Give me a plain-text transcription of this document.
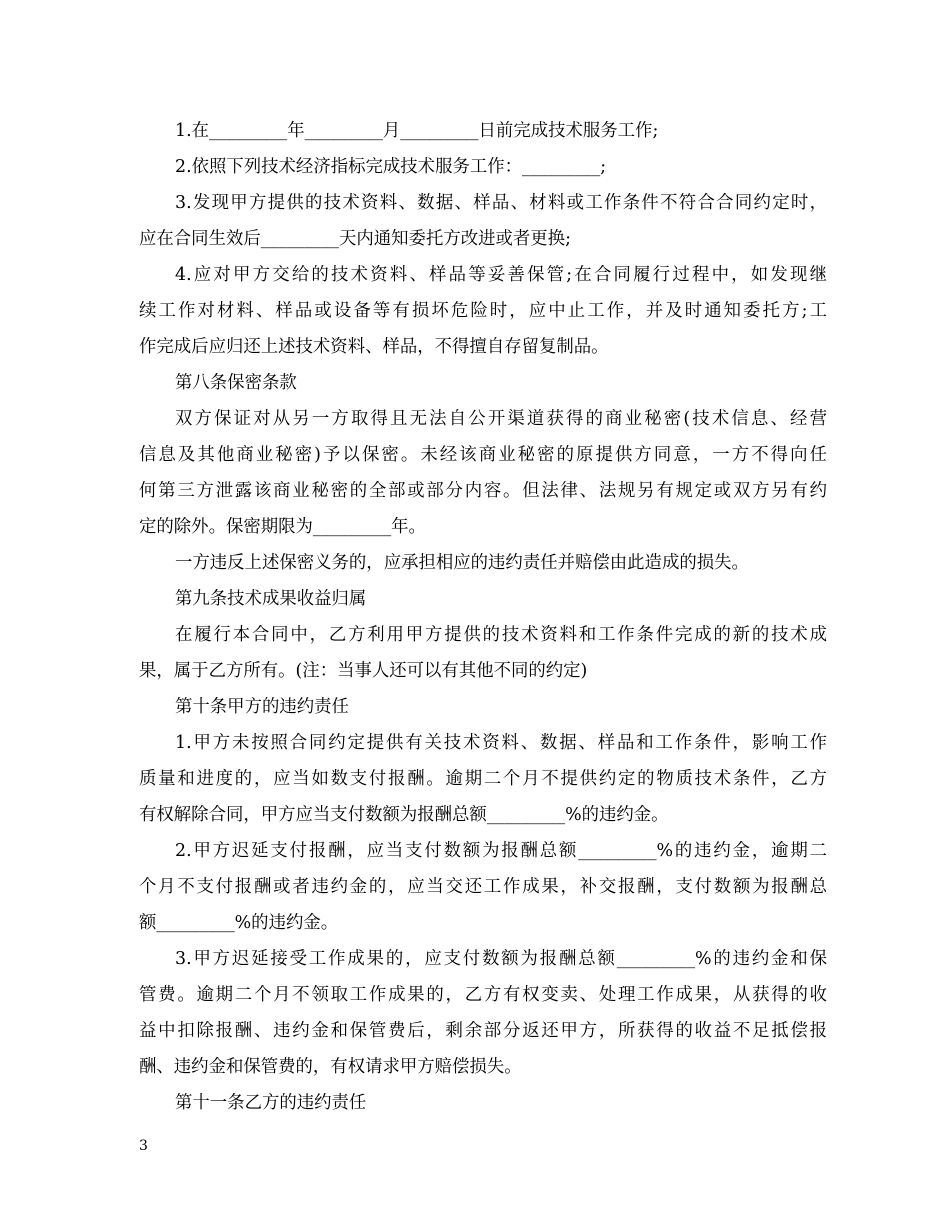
1.在_________年_________月_________日前完成技术服务工作;
2.依照下列技术经济指标完成技术服务工作：_________;
3.发现甲方提供的技术资料、数据、样品、材料或工作条件不符合合同约定时，
应在合同生效后_________天内通知委托方改进或者更换;
4.应对甲方交给的技术资料、样品等妥善保管;在合同履行过程中，如发现继
续工作对材料、样品或设备等有损坏危险时，应中止工作，并及时通知委托方;工
作完成后应归还上述技术资料、样品，不得擅自存留复制品。
第八条保密条款
双方保证对从另一方取得且无法自公开渠道获得的商业秘密(技术信息、经营
信息及其他商业秘密)予以保密。未经该商业秘密的原提供方同意，一方不得向任
何第三方泄露该商业秘密的全部或部分内容。但法律、法规另有规定或双方另有约
定的除外。保密期限为_________年。
一方违反上述保密义务的，应承担相应的违约责任并赔偿由此造成的损失。
第九条技术成果收益归属
在履行本合同中，乙方利用甲方提供的技术资料和工作条件完成的新的技术成
果，属于乙方所有。(注：当事人还可以有其他不同的约定)
第十条甲方的违约责任
1.甲方未按照合同约定提供有关技术资料、数据、样品和工作条件，影响工作
质量和进度的，应当如数支付报酬。逾期二个月不提供约定的物质技术条件，乙方
有权解除合同，甲方应当支付数额为报酬总额_________%的违约金。
2.甲方迟延支付报酬，应当支付数额为报酬总额_________%的违约金，逾期二
个月不支付报酬或者违约金的，应当交还工作成果，补交报酬，支付数额为报酬总
额_________%的违约金。
3.甲方迟延接受工作成果的，应支付数额为报酬总额_________%的违约金和保
管费。逾期二个月不领取工作成果的，乙方有权变卖、处理工作成果，从获得的收
益中扣除报酬、违约金和保管费后，剩余部分返还甲方，所获得的收益不足抵偿报
酬、违约金和保管费的，有权请求甲方赔偿损失。
第十一条乙方的违约责任
3
